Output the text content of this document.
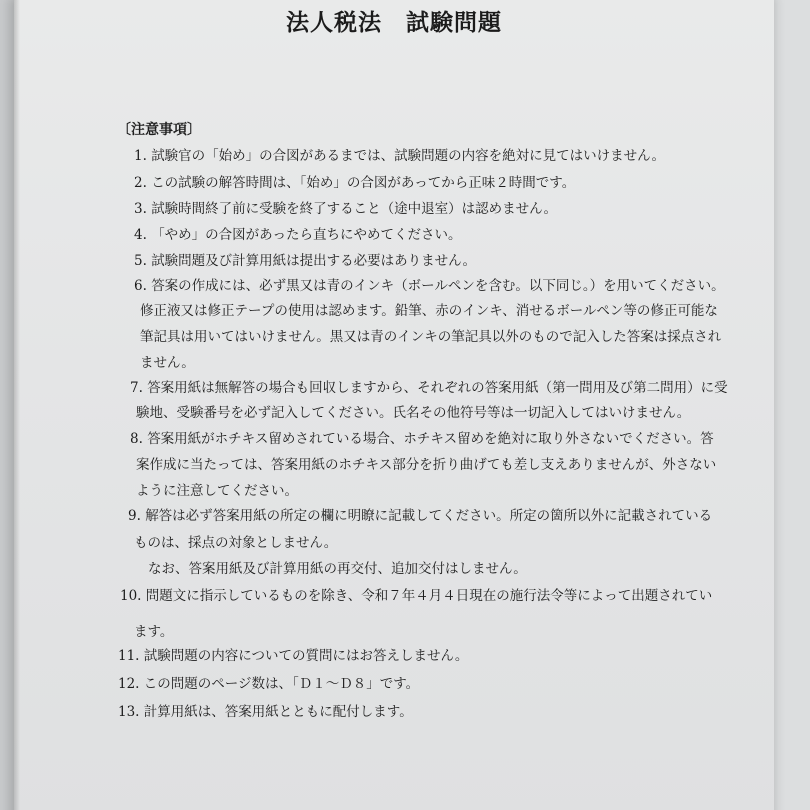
法人税法　試験問題
〔注意事項〕
1. 試験官の「始め」の合図があるまでは、試験問題の内容を絶対に見てはいけません。
2. この試験の解答時間は、「始め」の合図があってから正味２時間です。
3. 試験時間終了前に受験を終了すること（途中退室）は認めません。
4. 「やめ」の合図があったら直ちにやめてください。
5. 試験問題及び計算用紙は提出する必要はありません。
6. 答案の作成には、必ず黒又は青のインキ（ボールペンを含む。以下同じ。）を用いてください。
修正液又は修正テープの使用は認めます。鉛筆、赤のインキ、消せるボールペン等の修正可能な
筆記具は用いてはいけません。黒又は青のインキの筆記具以外のもので記入した答案は採点され
ません。
7. 答案用紙は無解答の場合も回収しますから、それぞれの答案用紙（第一問用及び第二問用）に受
験地、受験番号を必ず記入してください。氏名その他符号等は一切記入してはいけません。
8. 答案用紙がホチキス留めされている場合、ホチキス留めを絶対に取り外さないでください。答
案作成に当たっては、答案用紙のホチキス部分を折り曲げても差し支えありませんが、外さない
ように注意してください。
9. 解答は必ず答案用紙の所定の欄に明瞭に記載してください。所定の箇所以外に記載されている
ものは、採点の対象としません。
なお、答案用紙及び計算用紙の再交付、追加交付はしません。
10. 問題文に指示しているものを除き、令和７年４月４日現在の施行法令等によって出題されてい
ます。
11. 試験問題の内容についての質問にはお答えしません。
12. この問題のページ数は、「Ｄ１～Ｄ８」です。
13. 計算用紙は、答案用紙とともに配付します。
